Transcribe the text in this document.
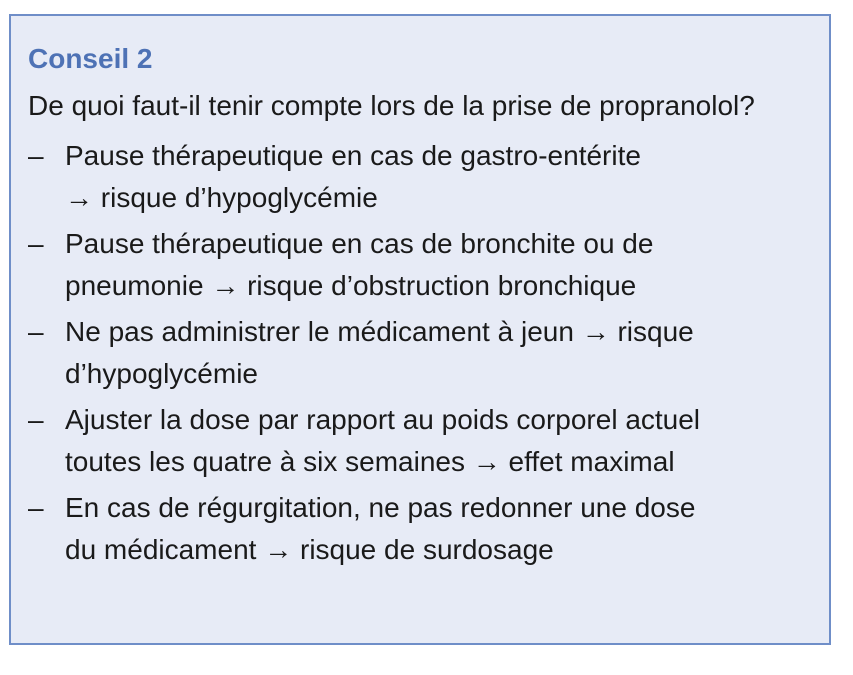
Conseil 2
De quoi faut-il tenir compte lors de la prise de propranolol?
– Pause thérapeutique en cas de gastro-entérite
→ risque d’hypoglycémie
– Pause thérapeutique en cas de bronchite ou de
pneumonie → risque d’obstruction bronchique
– Ne pas administrer le médicament à jeun → risque
d’hypoglycémie
– Ajuster la dose par rapport au poids corporel actuel
toutes les quatre à six semaines → effet maximal
– En cas de régurgitation, ne pas redonner une dose
du médicament → risque de surdosage
